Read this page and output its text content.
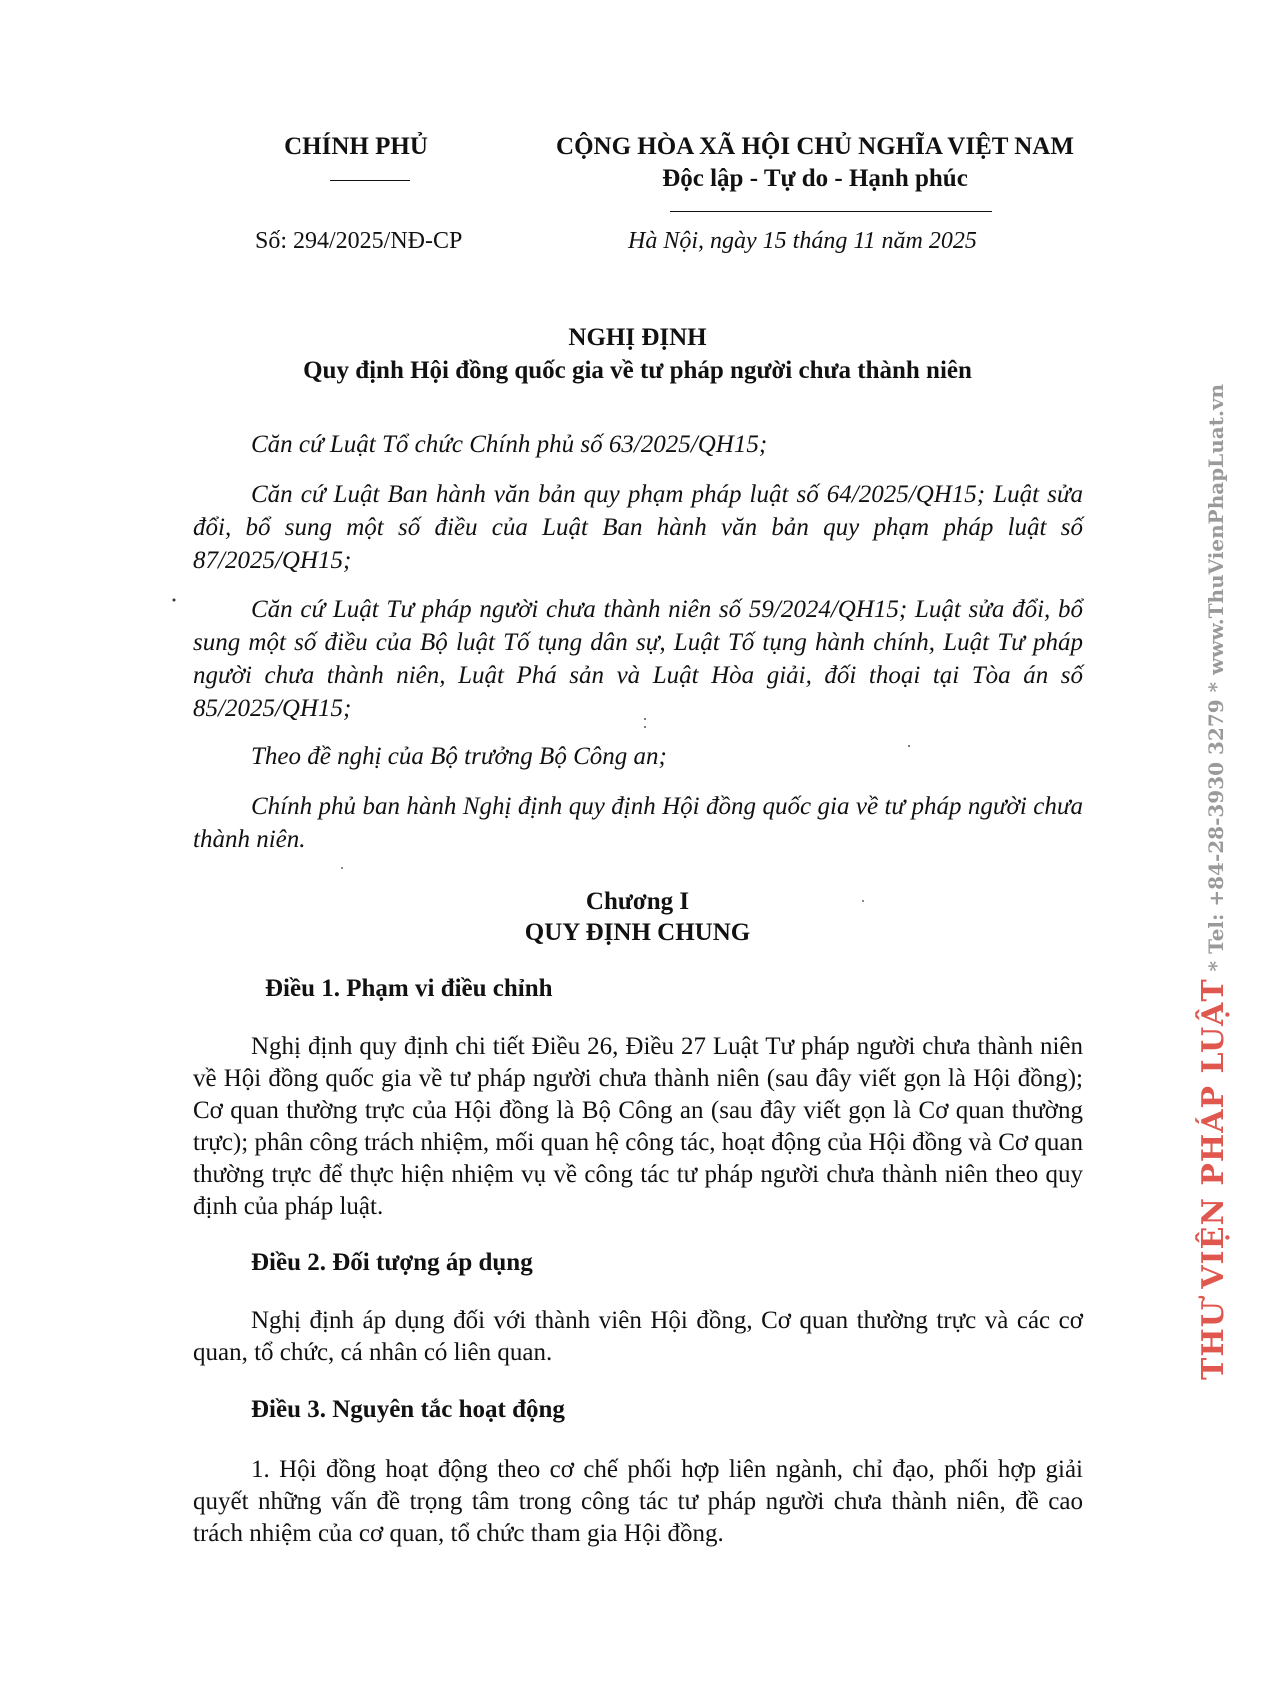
CHÍNH PHỦ	CỘNG HÒA XÃ HỘI CHỦ NGHĨA VIỆT NAM
Độc lập - Tự do - Hạnh phúc
Số: 294/2025/NĐ-CP	Hà Nội, ngày 15 tháng 11 năm 2025
NGHỊ ĐỊNH
Quy định Hội đồng quốc gia về tư pháp người chưa thành niên
Căn cứ Luật Tổ chức Chính phủ số 63/2025/QH15;
Căn cứ Luật Ban hành văn bản quy phạm pháp luật số 64/2025/QH15; Luật sửa đổi, bổ sung một số điều của Luật Ban hành văn bản quy phạm pháp luật số 87/2025/QH15;
Căn cứ Luật Tư pháp người chưa thành niên số 59/2024/QH15; Luật sửa đổi, bổ sung một số điều của Bộ luật Tố tụng dân sự, Luật Tố tụng hành chính, Luật Tư pháp người chưa thành niên, Luật Phá sản và Luật Hòa giải, đối thoại tại Tòa án số 85/2025/QH15;
Theo đề nghị của Bộ trưởng Bộ Công an;
Chính phủ ban hành Nghị định quy định Hội đồng quốc gia về tư pháp người chưa thành niên.
Chương I
QUY ĐỊNH CHUNG
Điều 1. Phạm vi điều chỉnh
Nghị định quy định chi tiết Điều 26, Điều 27 Luật Tư pháp người chưa thành niên về Hội đồng quốc gia về tư pháp người chưa thành niên (sau đây viết gọn là Hội đồng); Cơ quan thường trực của Hội đồng là Bộ Công an (sau đây viết gọn là Cơ quan thường trực); phân công trách nhiệm, mối quan hệ công tác, hoạt động của Hội đồng và Cơ quan thường trực để thực hiện nhiệm vụ về công tác tư pháp người chưa thành niên theo quy định của pháp luật.
Điều 2. Đối tượng áp dụng
Nghị định áp dụng đối với thành viên Hội đồng, Cơ quan thường trực và các cơ quan, tổ chức, cá nhân có liên quan.
Điều 3. Nguyên tắc hoạt động
1. Hội đồng hoạt động theo cơ chế phối hợp liên ngành, chỉ đạo, phối hợp giải quyết những vấn đề trọng tâm trong công tác tư pháp người chưa thành niên, đề cao trách nhiệm của cơ quan, tổ chức tham gia Hội đồng.
THƯ VIỆN PHÁP LUẬT * Tel: +84-28-3930 3279 * www.ThuVienPhapLuat.vn
